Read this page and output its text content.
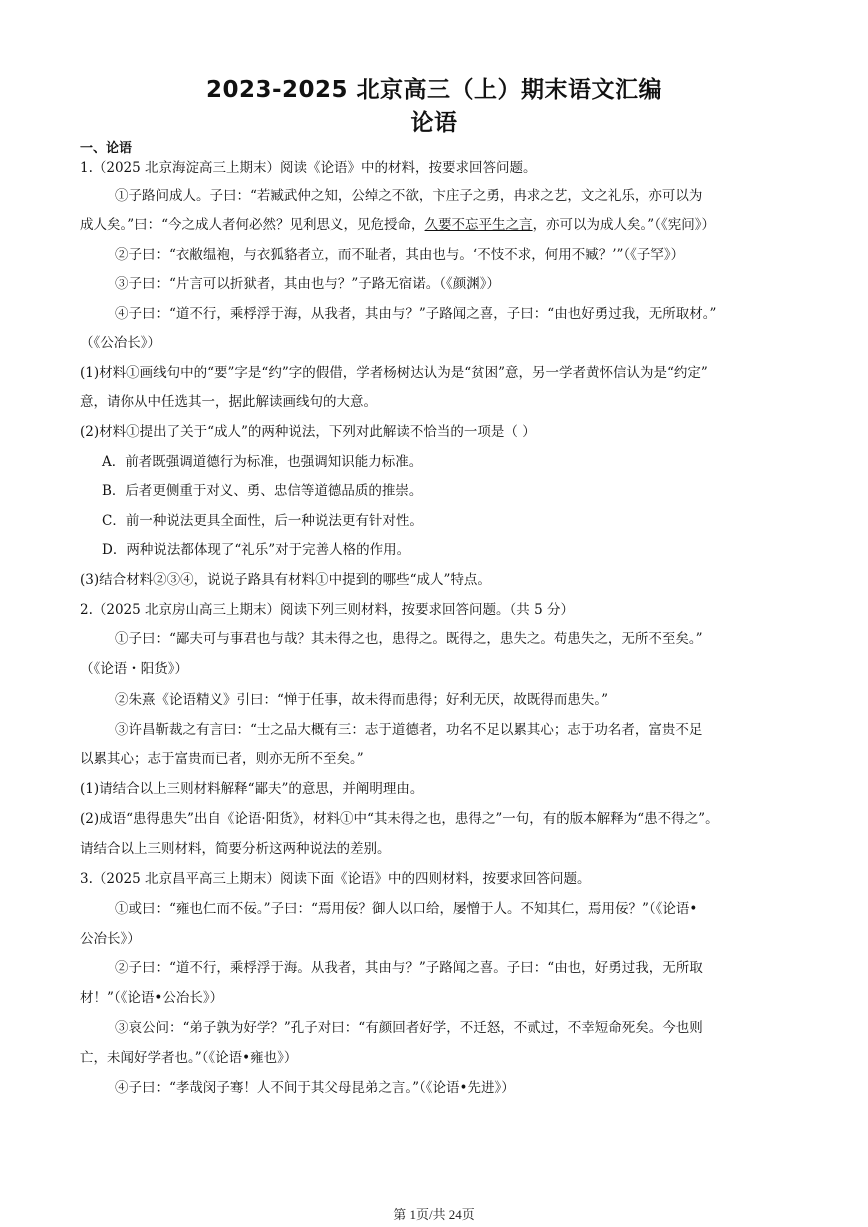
2023-2025 北京高三（上）期末语文汇编
论语
一、论语
1.（2025 北京海淀高三上期末）阅读《论语》中的材料，按要求回答问题。
①子路问成人。子曰：“若臧武仲之知，公绰之不欲，卞庄子之勇，冉求之艺，文之礼乐，亦可以为
成人矣。”曰：“今之成人者何必然？见利思义，见危授命，久要不忘平生之言，亦可以为成人矣。”（《宪问》）
②子曰：“衣敝缊袍，与衣狐貉者立，而不耻者，其由也与。‘不忮不求，何用不臧？’”（《子罕》）
③子曰：“片言可以折狱者，其由也与？”子路无宿诺。（《颜渊》）
④子曰：“道不行，乘桴浮于海，从我者，其由与？”子路闻之喜，子曰：“由也好勇过我，无所取材。”
（《公冶长》）
(1)材料①画线句中的“要”字是“约”字的假借，学者杨树达认为是“贫困”意，另一学者黄怀信认为是“约定”
意，请你从中任选其一，据此解读画线句的大意。
(2)材料①提出了关于“成人”的两种说法，下列对此解读不恰当的一项是（ ）
A．前者既强调道德行为标准，也强调知识能力标准。
B．后者更侧重于对义、勇、忠信等道德品质的推崇。
C．前一种说法更具全面性，后一种说法更有针对性。
D．两种说法都体现了“礼乐”对于完善人格的作用。
(3)结合材料②③④，说说子路具有材料①中提到的哪些“成人”特点。
2.（2025 北京房山高三上期末）阅读下列三则材料，按要求回答问题。（共 5 分）
①子曰：“鄙夫可与事君也与哉？其未得之也，患得之。既得之，患失之。苟患失之，无所不至矣。”
（《论语・阳货》）
②朱熹《论语精义》引曰：“惮于任事，故未得而患得；好利无厌，故既得而患失。”
③许昌靳裁之有言曰：“士之品大概有三：志于道德者，功名不足以累其心；志于功名者，富贵不足
以累其心；志于富贵而已者，则亦无所不至矣。”
(1)请结合以上三则材料解释“鄙夫”的意思，并阐明理由。
(2)成语“患得患失”出自《论语·阳货》，材料①中“其未得之也，患得之”一句，有的版本解释为“患不得之”。
请结合以上三则材料，简要分析这两种说法的差别。
3.（2025 北京昌平高三上期末）阅读下面《论语》中的四则材料，按要求回答问题。
①或曰：“雍也仁而不佞。”子曰：“焉用佞？御人以口给，屡憎于人。不知其仁，焉用佞？”（《论语•
公冶长》）
②子曰：“道不行，乘桴浮于海。从我者，其由与？”子路闻之喜。子曰：“由也，好勇过我，无所取
材！”（《论语•公冶长》）
③哀公问：“弟子孰为好学？”孔子对曰：“有颜回者好学，不迁怒，不贰过，不幸短命死矣。今也则
亡，未闻好学者也。”（《论语•雍也》）
④子曰：“孝哉闵子骞！人不间于其父母昆弟之言。”（《论语•先进》）
第 1页/共 24页
